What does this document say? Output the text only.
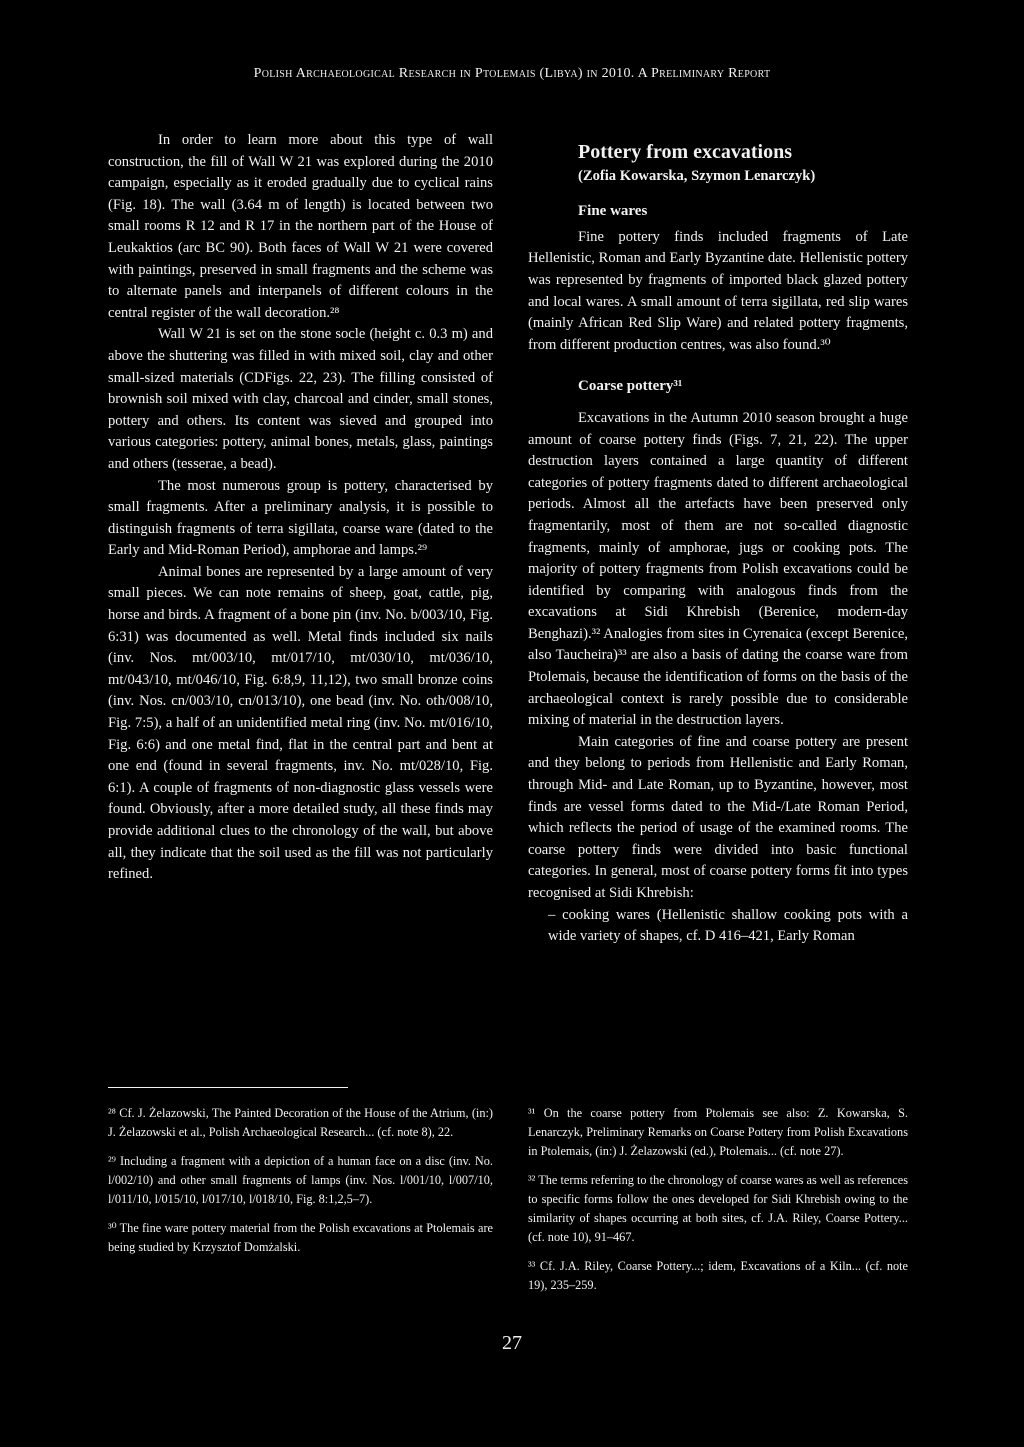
Polish Archaeological Research in Ptolemais (Libya) in 2010. A Preliminary Report

In order to learn more about this type of wall construction, the fill of Wall W 21 was explored during the 2010 campaign, especially as it eroded gradually due to cyclical rains (Fig. 18). The wall (3.64 m of length) is located between two small rooms R 12 and R 17 in the northern part of the House of Leukaktios (arc BC 90). Both faces of Wall W 21 were covered with paintings, preserved in small fragments and the scheme was to alternate panels and interpanels of different colours in the central register of the wall decoration.²⁸

Wall W 21 is set on the stone socle (height c. 0.3 m) and above the shuttering was filled in with mixed soil, clay and other small-sized materials (CDFigs. 22, 23). The filling consisted of brownish soil mixed with clay, charcoal and cinder, small stones, pottery and others. Its content was sieved and grouped into various categories: pottery, animal bones, metals, glass, paintings and others (tesserae, a bead).

The most numerous group is pottery, characterised by small fragments. After a preliminary analysis, it is possible to distinguish fragments of terra sigillata, coarse ware (dated to the Early and Mid-Roman Period), amphorae and lamps.²⁹

Animal bones are represented by a large amount of very small pieces. We can note remains of sheep, goat, cattle, pig, horse and birds. A fragment of a bone pin (inv. No. b/003/10, Fig. 6:31) was documented as well. Metal finds included six nails (inv. Nos. mt/003/10, mt/017/10, mt/030/10, mt/036/10, mt/043/10, mt/046/10, Fig. 6:8,9, 11,12), two small bronze coins (inv. Nos. cn/003/10, cn/013/10), one bead (inv. No. oth/008/10, Fig. 7:5), a half of an unidentified metal ring (inv. No. mt/016/10, Fig. 6:6) and one metal find, flat in the central part and bent at one end (found in several fragments, inv. No. mt/028/10, Fig. 6:1). A couple of fragments of non-diagnostic glass vessels were found. Obviously, after a more detailed study, all these finds may provide additional clues to the chronology of the wall, but above all, they indicate that the soil used as the fill was not particularly refined.

Pottery from excavations
(Zofia Kowarska, Szymon Lenarczyk)
Fine wares

Fine pottery finds included fragments of Late Hellenistic, Roman and Early Byzantine date. Hellenistic pottery was represented by fragments of imported black glazed pottery and local wares. A small amount of terra sigillata, red slip wares (mainly African Red Slip Ware) and related pottery fragments, from different production centres, was also found.³⁰

Coarse pottery³¹

Excavations in the Autumn 2010 season brought a huge amount of coarse pottery finds (Figs. 7, 21, 22). The upper destruction layers contained a large quantity of different categories of pottery fragments dated to different archaeological periods. Almost all the artefacts have been preserved only fragmentarily, most of them are not so-called diagnostic fragments, mainly of amphorae, jugs or cooking pots. The majority of pottery fragments from Polish excavations could be identified by comparing with analogous finds from the excavations at Sidi Khrebish (Berenice, modern-day Benghazi).³² Analogies from sites in Cyrenaica (except Berenice, also Taucheira)³³ are also a basis of dating the coarse ware from Ptolemais, because the identification of forms on the basis of the archaeological context is rarely possible due to considerable mixing of material in the destruction layers.

Main categories of fine and coarse pottery are present and they belong to periods from Hellenistic and Early Roman, through Mid- and Late Roman, up to Byzantine, however, most finds are vessel forms dated to the Mid-/Late Roman Period, which reflects the period of usage of the examined rooms. The coarse pottery finds were divided into basic functional categories. In general, most of coarse pottery forms fit into types recognised at Sidi Khrebish:

– cooking wares (Hellenistic shallow cooking pots with a wide variety of shapes, cf. D 416–421, Early Roman

²⁸ Cf. J. Żelazowski, The Painted Decoration of the House of the Atrium, (in:) J. Żelazowski et al., Polish Archaeological Research... (cf. note 8), 22.

²⁹ Including a fragment with a depiction of a human face on a disc (inv. No. l/002/10) and other small fragments of lamps (inv. Nos. l/001/10, l/007/10, l/011/10, l/015/10, l/017/10, l/018/10, Fig. 8:1,2,5–7).

³⁰ The fine ware pottery material from the Polish excavations at Ptolemais are being studied by Krzysztof Domżalski.

³¹ On the coarse pottery from Ptolemais see also: Z. Kowarska, S. Lenarczyk, Preliminary Remarks on Coarse Pottery from Polish Excavations in Ptolemais, (in:) J. Żelazowski (ed.), Ptolemais... (cf. note 27).

³² The terms referring to the chronology of coarse wares as well as references to specific forms follow the ones developed for Sidi Khrebish owing to the similarity of shapes occurring at both sites, cf. J.A. Riley, Coarse Pottery... (cf. note 10), 91–467.

³³ Cf. J.A. Riley, Coarse Pottery...; idem, Excavations of a Kiln... (cf. note 19), 235–259.

27
